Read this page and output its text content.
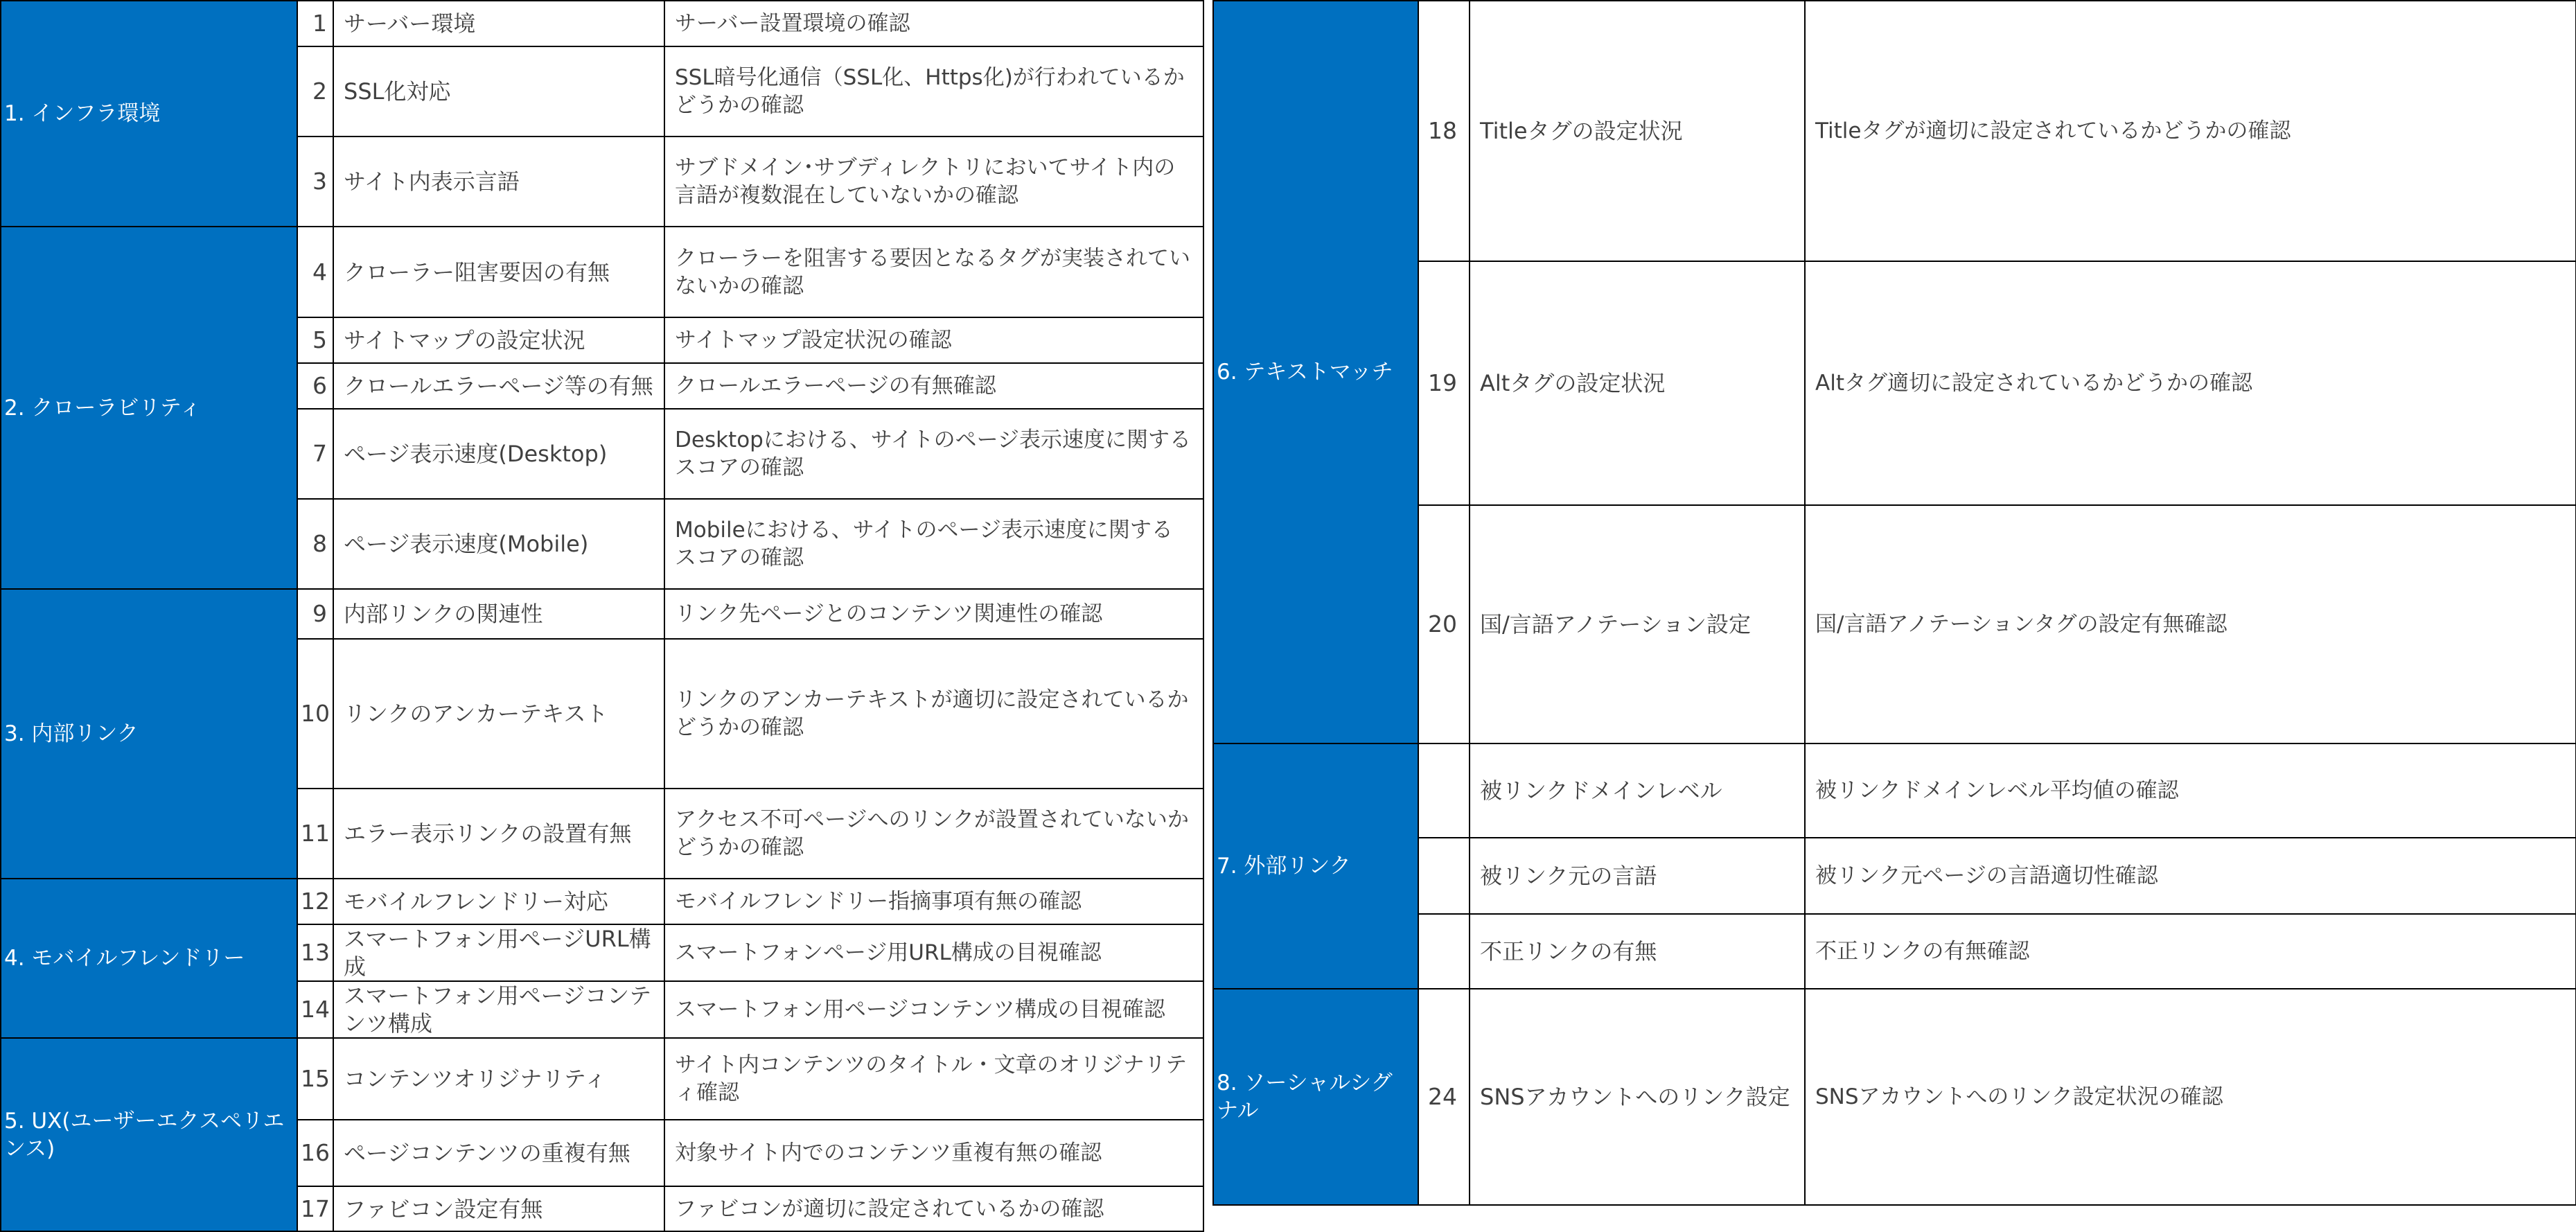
1. インフラ環境	1	サーバー環境	サーバー設置環境の確認
	2	SSL化対応	SSL暗号化通信（SSL化、Https化)が行われているかどうかの確認
	3	サイト内表示言語	サブドメイン･サブディレクトリにおいてサイト内の言語が複数混在していないかの確認
2. クローラビリティ	4	クローラー阻害要因の有無	クローラーを阻害する要因となるタグが実装されていないかの確認
	5	サイトマップの設定状況	サイトマップ設定状況の確認
	6	クロールエラーページ等の有無	クロールエラーページの有無確認
	7	ページ表示速度(Desktop)	Desktopにおける、サイトのページ表示速度に関するスコアの確認
	8	ページ表示速度(Mobile)	Mobileにおける、サイトのページ表示速度に関するスコアの確認
3. 内部リンク	9	内部リンクの関連性	リンク先ページとのコンテンツ関連性の確認
	10	リンクのアンカーテキスト	リンクのアンカーテキストが適切に設定されているかどうかの確認
	11	エラー表示リンクの設置有無	アクセス不可ページへのリンクが設置されていないかどうかの確認
4. モバイルフレンドリー	12	モバイルフレンドリー対応	モバイルフレンドリー指摘事項有無の確認
	13	スマートフォン用ページURL構成	スマートフォンページ用URL構成の目視確認
	14	スマートフォン用ページコンテンツ構成	スマートフォン用ページコンテンツ構成の目視確認
5. UX(ユーザーエクスペリエンス)	15	コンテンツオリジナリティ	サイト内コンテンツのタイトル・文章のオリジナリティ確認
	16	ページコンテンツの重複有無	対象サイト内でのコンテンツ重複有無の確認
	17	ファビコン設定有無	ファビコンが適切に設定されているかの確認
6. テキストマッチ	18	Titleタグの設定状況	Titleタグが適切に設定されているかどうかの確認
	19	Altタグの設定状況	Altタグ適切に設定されているかどうかの確認
	20	国/言語アノテーション設定	国/言語アノテーションタグの設定有無確認
7. 外部リンク		被リンクドメインレベル	被リンクドメインレベル平均値の確認
		被リンク元の言語	被リンク元ページの言語適切性確認
		不正リンクの有無	不正リンクの有無確認
8. ソーシャルシグナル	24	SNSアカウントへのリンク設定	SNSアカウントへのリンク設定状況の確認
